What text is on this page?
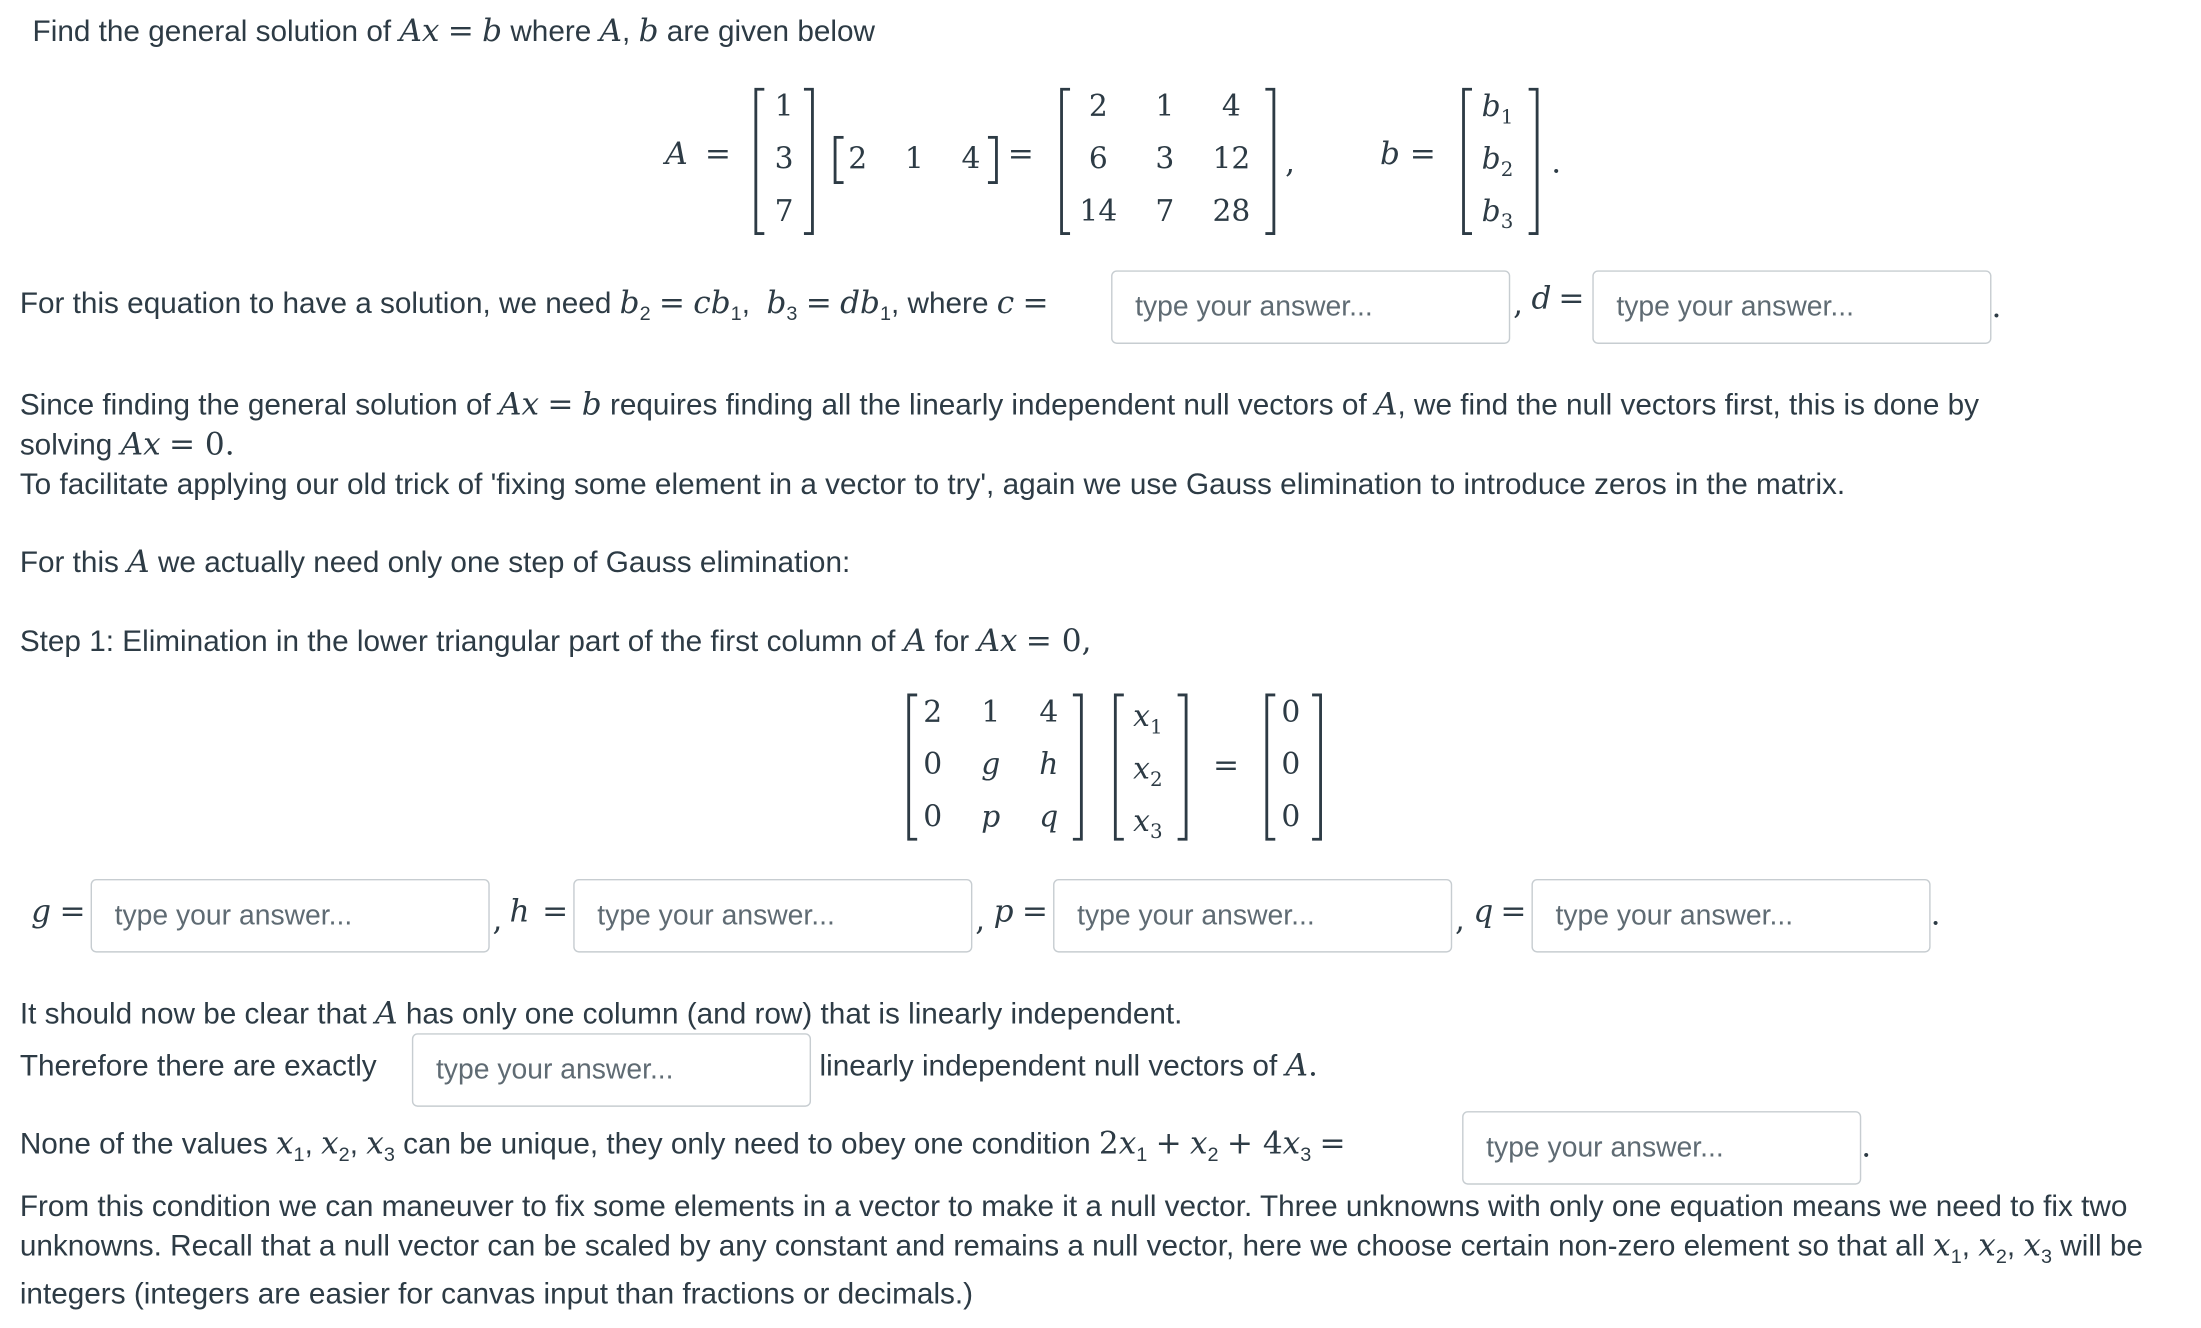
Find the general solution of Ax = b where A, b are given below
A =
1
3
7
2	1	4	=
2	1	4
6	3	12
14	7	28
,	b =
$b_1$
$b_2$
$b_3$
.
For this equation to have a solution, we need $b_2 = cb_1$,  $b_3 = db_1$, where c =
type your answer...	, d =
type your answer...	.
Since finding the general solution of Ax = b requires finding all the linearly independent null vectors of A, we find the null vectors first, this is done by
solving Ax = 0.
To facilitate applying our old trick of 'fixing some element in a vector to try', again we use Gauss elimination to introduce zeros in the matrix.
For this A we actually need only one step of Gauss elimination:
Step 1: Elimination in the lower triangular part of the first column of A for Ax = 0,
2	1	4
0	g	h
0	p	q
$x_1$
$x_2$
$x_3$
=
0
0
0
g =
type your answer...	, h =
type your answer...	, p =
type your answer...	, q =
type your answer...	.
It should now be clear that A has only one column (and row) that is linearly independent.
Therefore there are exactly
type your answer...	linearly independent null vectors of A.
None of the values $x_1$, $x_2$, $x_3$ can be unique, they only need to obey one condition $2x_1 + x_2 + 4x_3$ =
type your answer...	.
From this condition we can maneuver to fix some elements in a vector to make it a null vector. Three unknowns with only one equation means we need to fix two unknowns. Recall that a null vector can be scaled by any constant and remains a null vector, here we choose certain non-zero element so that all $x_1$, $x_2$, $x_3$ will be integers (integers are easier for canvas input than fractions or decimals.)
